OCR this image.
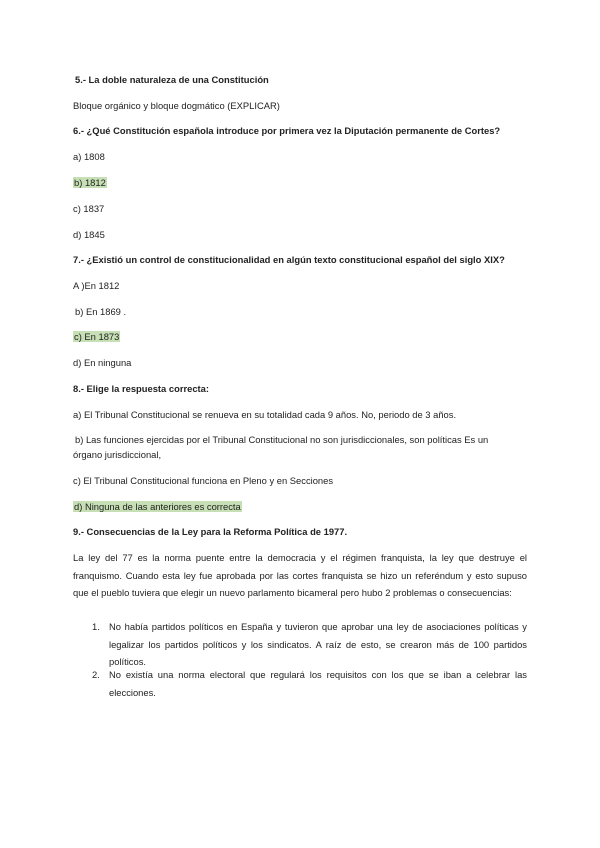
5.- La doble naturaleza de una Constitución
Bloque orgánico y bloque dogmático (EXPLICAR)
6.- ¿Qué Constitución española introduce por primera vez la Diputación permanente de Cortes?
a) 1808
b) 1812
c) 1837
d) 1845
7.- ¿Existió un control de constitucionalidad en algún texto constitucional español del siglo XIX?
A )En 1812
b) En 1869 .
c) En 1873
d) En ninguna
8.- Elige la respuesta correcta:
a) El Tribunal Constitucional se renueva en su totalidad cada 9 años. No, periodo de 3 años.
b) Las funciones ejercidas por el Tribunal Constitucional no son jurisdiccionales, son políticas Es un
órgano jurisdiccional,
c) El Tribunal Constitucional funciona en Pleno y en Secciones
d) Ninguna de las anteriores es correcta
9.- Consecuencias de la Ley para la Reforma Política de 1977.
La ley del 77 es la norma puente entre la democracia y el régimen franquista, la ley que destruye el franquismo. Cuando esta ley fue aprobada por las cortes franquista se hizo un referéndum y esto supuso que el pueblo tuviera que elegir un nuevo parlamento bicameral pero hubo 2 problemas o consecuencias:
1. No había partidos políticos en España y tuvieron que aprobar una ley de asociaciones políticas y legalizar los partidos políticos y los sindicatos. A raíz de esto, se crearon más de 100 partidos políticos.
2. No existía una norma electoral que regulará los requisitos con los que se iban a celebrar las elecciones.
